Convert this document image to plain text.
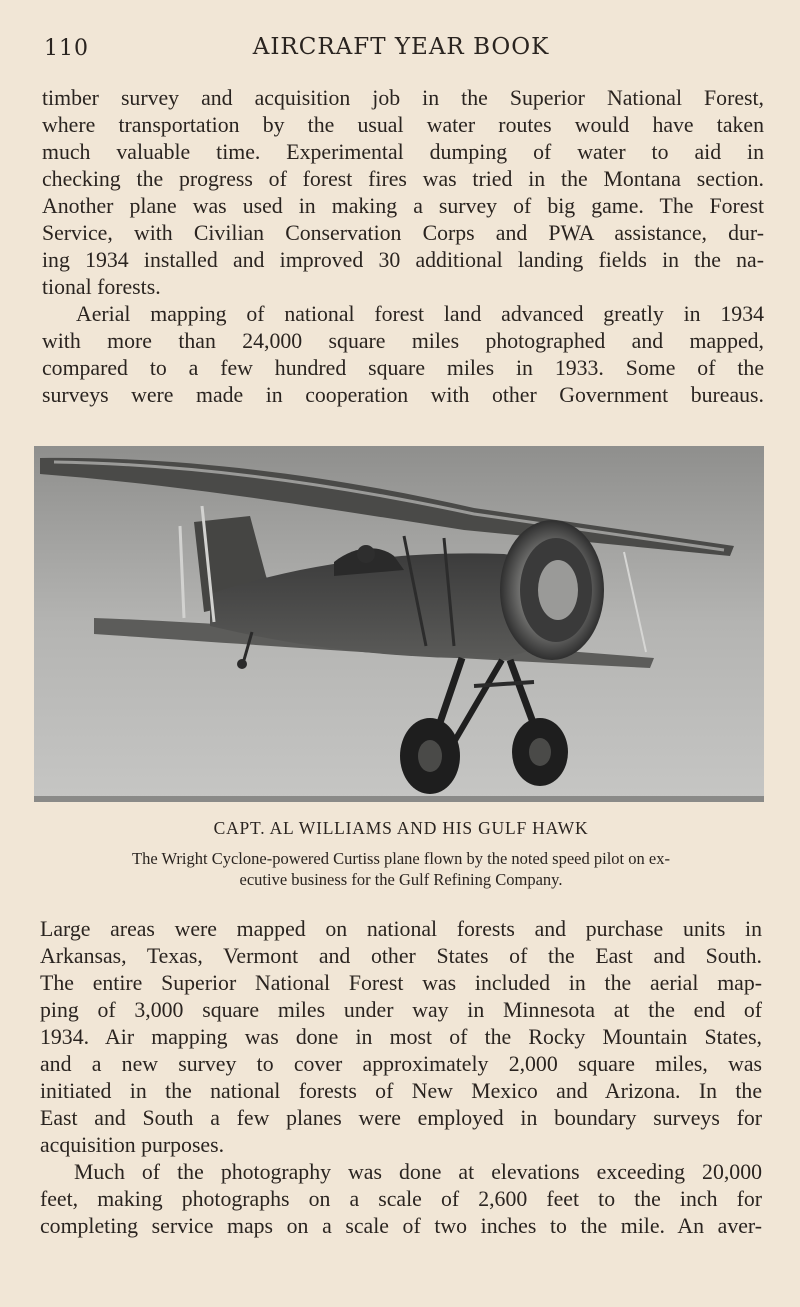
110	AIRCRAFT YEAR BOOK
timber survey and acquisition job in the Superior National Forest,
where transportation by the usual water routes would have taken
much valuable time. Experimental dumping of water to aid in
checking the progress of forest fires was tried in the Montana section.
Another plane was used in making a survey of big game. The Forest
Service, with Civilian Conservation Corps and PWA assistance, dur-
ing 1934 installed and improved 30 additional landing fields in the na-
tional forests.
Aerial mapping of national forest land advanced greatly in 1934
with more than 24,000 square miles photographed and mapped,
compared to a few hundred square miles in 1933. Some of the
surveys were made in cooperation with other Government bureaus.
CAPT. AL WILLIAMS AND HIS GULF HAWK
The Wright Cyclone-powered Curtiss plane flown by the noted speed pilot on ex-
ecutive business for the Gulf Refining Company.
Large areas were mapped on national forests and purchase units in
Arkansas, Texas, Vermont and other States of the East and South.
The entire Superior National Forest was included in the aerial map-
ping of 3,000 square miles under way in Minnesota at the end of
1934. Air mapping was done in most of the Rocky Mountain States,
and a new survey to cover approximately 2,000 square miles, was
initiated in the national forests of New Mexico and Arizona. In the
East and South a few planes were employed in boundary surveys for
acquisition purposes.
Much of the photography was done at elevations exceeding 20,000
feet, making photographs on a scale of 2,600 feet to the inch for
completing service maps on a scale of two inches to the mile. An aver-
